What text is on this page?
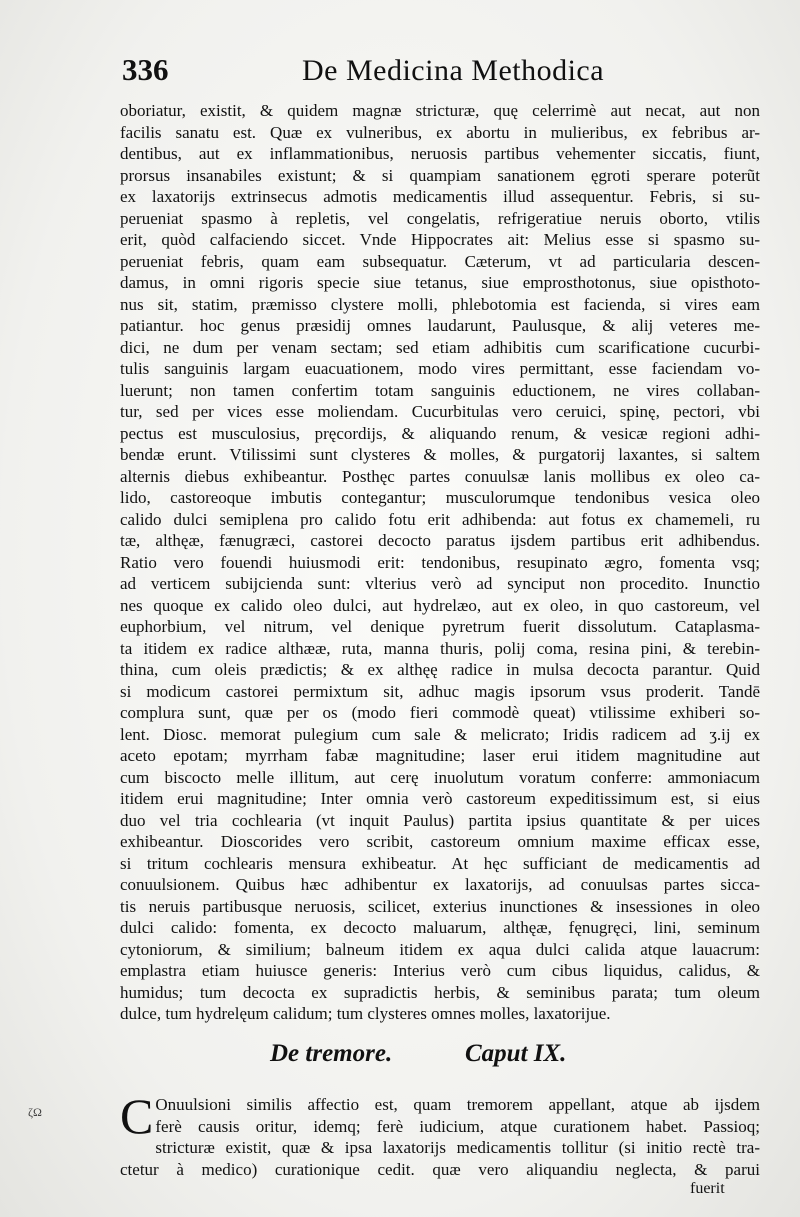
336	De Medicina Methodica
oboriatur, existit, & quidem magnæ stricturæ, quę celerrimè aut necat, aut non
facilis sanatu est. Quæ ex vulneribus, ex abortu in mulieribus, ex febribus ar-
dentibus, aut ex inflammationibus, neruosis partibus vehementer siccatis, fiunt,
prorsus insanabiles existunt; & si quampiam sanationem ęgroti sperare poterũt
ex laxatorijs extrinsecus admotis medicamentis illud assequentur. Febris, si su-
perueniat spasmo à repletis, vel congelatis, refrigeratiue neruis oborto, vtilis
erit, quòd calfaciendo siccet. Vnde Hippocrates ait: Melius esse si spasmo su-
perueniat febris, quam eam subsequatur. Cæterum, vt ad particularia descen-
damus, in omni rigoris specie siue tetanus, siue emprosthotonus, siue opisthoto-
nus sit, statim, præmisso clystere molli, phlebotomia est facienda, si vires eam
patiantur. hoc genus præsidij omnes laudarunt, Paulusque, & alij veteres me-
dici, ne dum per venam sectam; sed etiam adhibitis cum scarificatione cucurbi-
tulis sanguinis largam euacuationem, modo vires permittant, esse faciendam vo-
luerunt; non tamen confertim totam sanguinis eductionem, ne vires collaban-
tur, sed per vices esse moliendam. Cucurbitulas vero ceruici, spinę, pectori, vbi
pectus est musculosius, pręcordijs, & aliquando renum, & vesicæ regioni adhi-
bendæ erunt. Vtilissimi sunt clysteres & molles, & purgatorij laxantes, si saltem
alternis diebus exhibeantur. Posthęc partes conuulsæ lanis mollibus ex oleo ca-
lido, castoreoque imbutis contegantur; musculorumque tendonibus vesica oleo
calido dulci semiplena pro calido fotu erit adhibenda: aut fotus ex chamemeli, ru
tæ, althęæ, fænugræci, castorei decocto paratus ijsdem partibus erit adhibendus.
Ratio vero fouendi huiusmodi erit: tendonibus, resupinato ægro, fomenta vsq;
ad verticem subijcienda sunt: vlterius verò ad synciput non procedito. Inunctio
nes quoque ex calido oleo dulci, aut hydrelæo, aut ex oleo, in quo castoreum, vel
euphorbium, vel nitrum, vel denique pyretrum fuerit dissolutum. Cataplasma-
ta itidem ex radice althææ, ruta, manna thuris, polij coma, resina pini, & terebin-
thina, cum oleis prædictis; & ex althęę radice in mulsa decocta parantur. Quid
si modicum castorei permixtum sit, adhuc magis ipsorum vsus proderit. Tandē
complura sunt, quæ per os (modo fieri commodè queat) vtilissime exhiberi so-
lent. Diosc. memorat pulegium cum sale & melicrato; Iridis radicem ad ʒ.ij ex
aceto epotam; myrrham fabæ magnitudine; laser erui itidem magnitudine aut
cum biscocto melle illitum, aut cerę inuolutum voratum conferre: ammoniacum
itidem erui magnitudine; Inter omnia verò castoreum expeditissimum est, si eius
duo vel tria cochlearia (vt inquit Paulus) partita ipsius quantitate & per uices
exhibeantur. Dioscorides vero scribit, castoreum omnium maxime efficax esse,
si tritum cochlearis mensura exhibeatur. At hęc sufficiant de medicamentis ad
conuulsionem. Quibus hæc adhibentur ex laxatorijs, ad conuulsas partes sicca-
tis neruis partibusque neruosis, scilicet, exterius inunctiones & insessiones in oleo
dulci calido: fomenta, ex decocto maluarum, althęæ, fęnugręci, lini, seminum
cytoniorum, & similium; balneum itidem ex aqua dulci calida atque lauacrum:
emplastra etiam huiusce generis: Interius verò cum cibus liquidus, calidus, &
humidus; tum decocta ex supradictis herbis, & seminibus parata; tum oleum
dulce, tum hydrelęum calidum; tum clysteres omnes molles, laxatorijue.
De tremore.	Caput IX.
C Onuulsioni similis affectio est, quam tremorem appellant, atque ab ijsdem
ferè causis oritur, idemq; ferè iudicium, atque curationem habet. Passioq;
stricturæ existit, quæ & ipsa laxatorijs medicamentis tollitur (si initio rectè tra-
ctetur à medico) curationique cedit. quæ vero aliquandiu neglecta, & parui
fuerit
ζΩ
